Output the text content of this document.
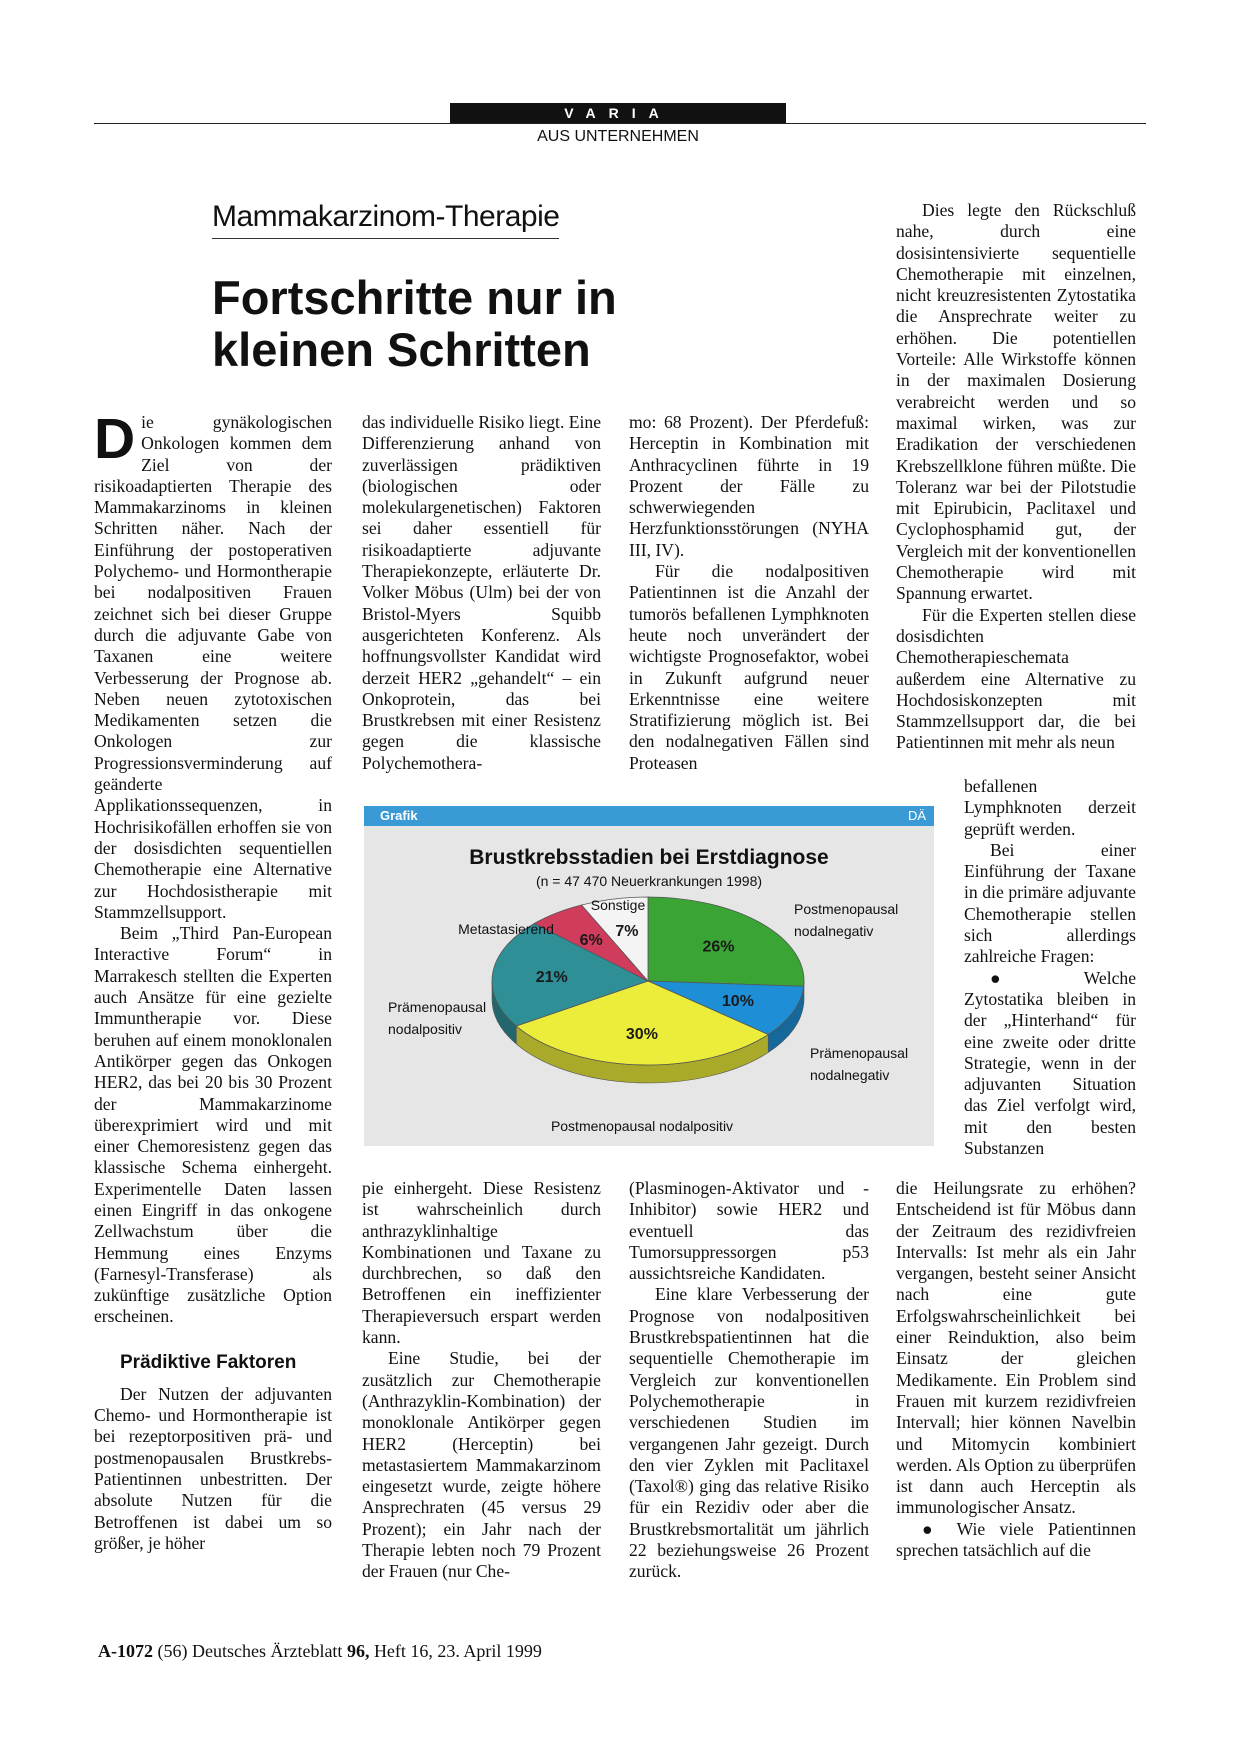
VARIA
AUS UNTERNEHMEN
Mammakarzinom-Therapie
Fortschritte nur in kleinen Schritten

Die gynäkologischen Onkologen kommen dem Ziel von der risikoadaptierten Therapie des Mammakarzinoms in kleinen Schritten näher. Nach der Einführung der postoperativen Polychemo- und Hormontherapie bei nodalpositiven Frauen zeichnet sich bei dieser Gruppe durch die adjuvante Gabe von Taxanen eine weitere Verbesserung der Prognose ab. Neben neuen zytotoxischen Medikamenten setzen die Onkologen zur Progressionsverminderung auf geänderte Applikationssequenzen, in Hochrisikofällen erhoffen sie von der dosisdichten sequentiellen Chemotherapie eine Alternative zur Hochdosistherapie mit Stammzellsupport.

Beim „Third Pan-European Interactive Forum“ in Marrakesch stellten die Experten auch Ansätze für eine gezielte Immuntherapie vor. Diese beruhen auf einem monoklonalen Antikörper gegen das Onkogen HER2, das bei 20 bis 30 Prozent der Mammakarzinome überexprimiert wird und mit einer Chemoresistenz gegen das klassische Schema einhergeht. Experimentelle Daten lassen einen Eingriff in das onkogene Zellwachstum über die Hemmung eines Enzyms (Farnesyl-Transferase) als zukünftige zusätzliche Option erscheinen.

Prädiktive Faktoren

Der Nutzen der adjuvanten Chemo- und Hormontherapie ist bei rezeptorpositiven prä- und postmenopausalen Brustkrebs-Patientinnen unbestritten. Der absolute Nutzen für die Betroffenen ist dabei um so größer, je höher

das individuelle Risiko liegt. Eine Differenzierung anhand von zuverlässigen prädiktiven (biologischen oder molekulargenetischen) Faktoren sei daher essentiell für risikoadaptierte adjuvante Therapiekonzepte, erläuterte Dr. Volker Möbus (Ulm) bei der von Bristol-Myers Squibb ausgerichteten Konferenz. Als hoffnungsvollster Kandidat wird derzeit HER2 „gehandelt“ – ein Onkoprotein, das bei Brustkrebsen mit einer Resistenz gegen die klassische Polychemothera-

mo: 68 Prozent). Der Pferdefuß: Herceptin in Kombination mit Anthracyclinen führte in 19 Prozent der Fälle zu schwerwiegenden Herzfunktionsstörungen (NYHA III, IV).

Für die nodalpositiven Patientinnen ist die Anzahl der tumorös befallenen Lymphknoten heute noch unverändert der wichtigste Prognosefaktor, wobei in Zukunft aufgrund neuer Erkenntnisse eine weitere Stratifizierung möglich ist. Bei den nodalnegativen Fällen sind Proteasen

Dies legte den Rückschluß nahe, durch eine dosisintensivierte sequentielle Chemotherapie mit einzelnen, nicht kreuzresistenten Zytostatika die Ansprechrate weiter zu erhöhen. Die potentiellen Vorteile: Alle Wirkstoffe können in der maximalen Dosierung verabreicht werden und so maximal wirken, was zur Eradikation der verschiedenen Krebszellklone führen müßte. Die Toleranz war bei der Pilotstudie mit Epirubicin, Paclitaxel und Cyclophosphamid gut, der Vergleich mit der konventionellen Chemotherapie wird mit Spannung erwartet.

Für die Experten stellen diese dosisdichten Chemotherapieschemata außerdem eine Alternative zu Hochdosiskonzepten mit Stammzellsupport dar, die bei Patientinnen mit mehr als neun

befallenen Lymphknoten derzeit geprüft werden.

Bei einer Einführung der Taxane in die primäre adjuvante Chemotherapie stellen sich allerdings zahlreiche Fragen:

● Welche Zytostatika bleiben in der „Hinterhand“ für eine zweite oder dritte Strategie, wenn in der adjuvanten Situation das Ziel verfolgt wird, mit den besten Substanzen

die Heilungsrate zu erhöhen? Entscheidend ist für Möbus dann der Zeitraum des rezidivfreien Intervalls: Ist mehr als ein Jahr vergangen, besteht seiner Ansicht nach eine gute Erfolgswahrscheinlichkeit bei einer Reinduktion, also beim Einsatz der gleichen Medikamente. Ein Problem sind Frauen mit kurzem rezidivfreien Intervall; hier können Navelbin und Mitomycin kombiniert werden. Als Option zu überprüfen ist dann auch Herceptin als immunologischer Ansatz.

● Wie viele Patientinnen sprechen tatsächlich auf die

Grafik	DÄ
Brustkrebsstadien bei Erstdiagnose
(n = 47 470 Neuerkrankungen 1998)
26%
10%
30%
21%
6%
7%
Postmenopausal
nodalnegativ
Prämenopausal
nodalnegativ
Postmenopausal nodalpositiv
Prämenopausal
nodalpositiv
Metastasierend
Sonstige

pie einhergeht. Diese Resistenz ist wahrscheinlich durch anthrazyklinhaltige Kombinationen und Taxane zu durchbrechen, so daß den Betroffenen ein ineffizienter Therapieversuch erspart werden kann.

Eine Studie, bei der zusätzlich zur Chemotherapie (Anthrazyklin-Kombination) der monoklonale Antikörper gegen HER2 (Herceptin) bei metastasiertem Mammakarzinom eingesetzt wurde, zeigte höhere Ansprechraten (45 versus 29 Prozent); ein Jahr nach der Therapie lebten noch 79 Prozent der Frauen (nur Che-

(Plasminogen-Aktivator und -Inhibitor) sowie HER2 und eventuell das Tumorsuppressorgen p53 aussichtsreiche Kandidaten.

Eine klare Verbesserung der Prognose von nodalpositiven Brustkrebspatientinnen hat die sequentielle Chemotherapie im Vergleich zur konventionellen Polychemotherapie in verschiedenen Studien im vergangenen Jahr gezeigt. Durch den vier Zyklen mit Paclitaxel (Taxol®) ging das relative Risiko für ein Rezidiv oder aber die Brustkrebsmortalität um jährlich 22 beziehungsweise 26 Prozent zurück.

A-1072 (56) Deutsches Ärzteblatt 96, Heft 16, 23. April 1999
